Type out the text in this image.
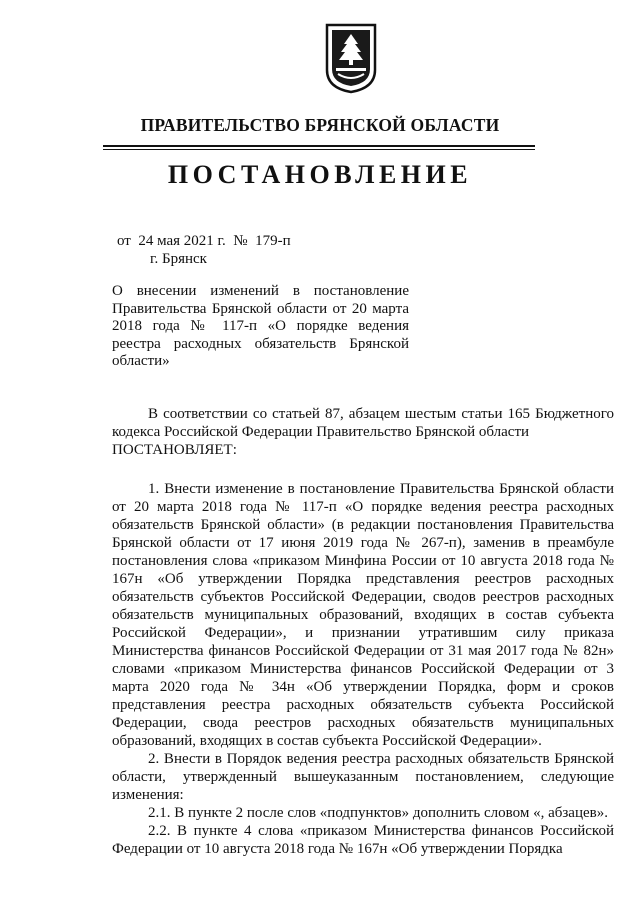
ПРАВИТЕЛЬСТВО БРЯНСКОЙ ОБЛАСТИ
ПОСТАНОВЛЕНИЕ
от  24 мая 2021 г.  №  179-п
г. Брянск
О внесении изменений в постановление Правительства Брянской области от 20 марта 2018 года № 117-п «О порядке ведения реестра расходных обязательств Брянской области»

В соответствии со статьей 87, абзацем шестым статьи 165 Бюджетного кодекса Российской Федерации Правительство Брянской области

ПОСТАНОВЛЯЕТ:

1. Внести изменение в постановление Правительства Брянской области от 20 марта 2018 года № 117-п «О порядке ведения реестра расходных обязательств Брянской области» (в редакции постановления Правительства Брянской области от 17 июня 2019 года № 267-п), заменив в преамбуле постановления слова «приказом Минфина России от 10 августа 2018 года № 167н «Об утверждении Порядка представления реестров расходных обязательств субъектов Российской Федерации, сводов реестров расходных обязательств муниципальных образований, входящих в состав субъекта Российской Федерации», и признании утратившим силу приказа Министерства финансов Российской Федерации от 31 мая 2017 года № 82н» словами «приказом Министерства финансов Российской Федерации от 3 марта 2020 года № 34н «Об утверждении Порядка, форм и сроков представления реестра расходных обязательств субъекта Российской Федерации, свода реестров расходных обязательств муниципальных образований, входящих в состав субъекта Российской Федерации».

2. Внести в Порядок ведения реестра расходных обязательств Брянской области, утвержденный вышеуказанным постановлением, следующие изменения:

2.1. В пункте 2 после слов «подпунктов» дополнить словом «, абзацев».

2.2. В пункте 4 слова «приказом Министерства финансов Российской Федерации от 10 августа 2018 года № 167н «Об утверждении Порядка
